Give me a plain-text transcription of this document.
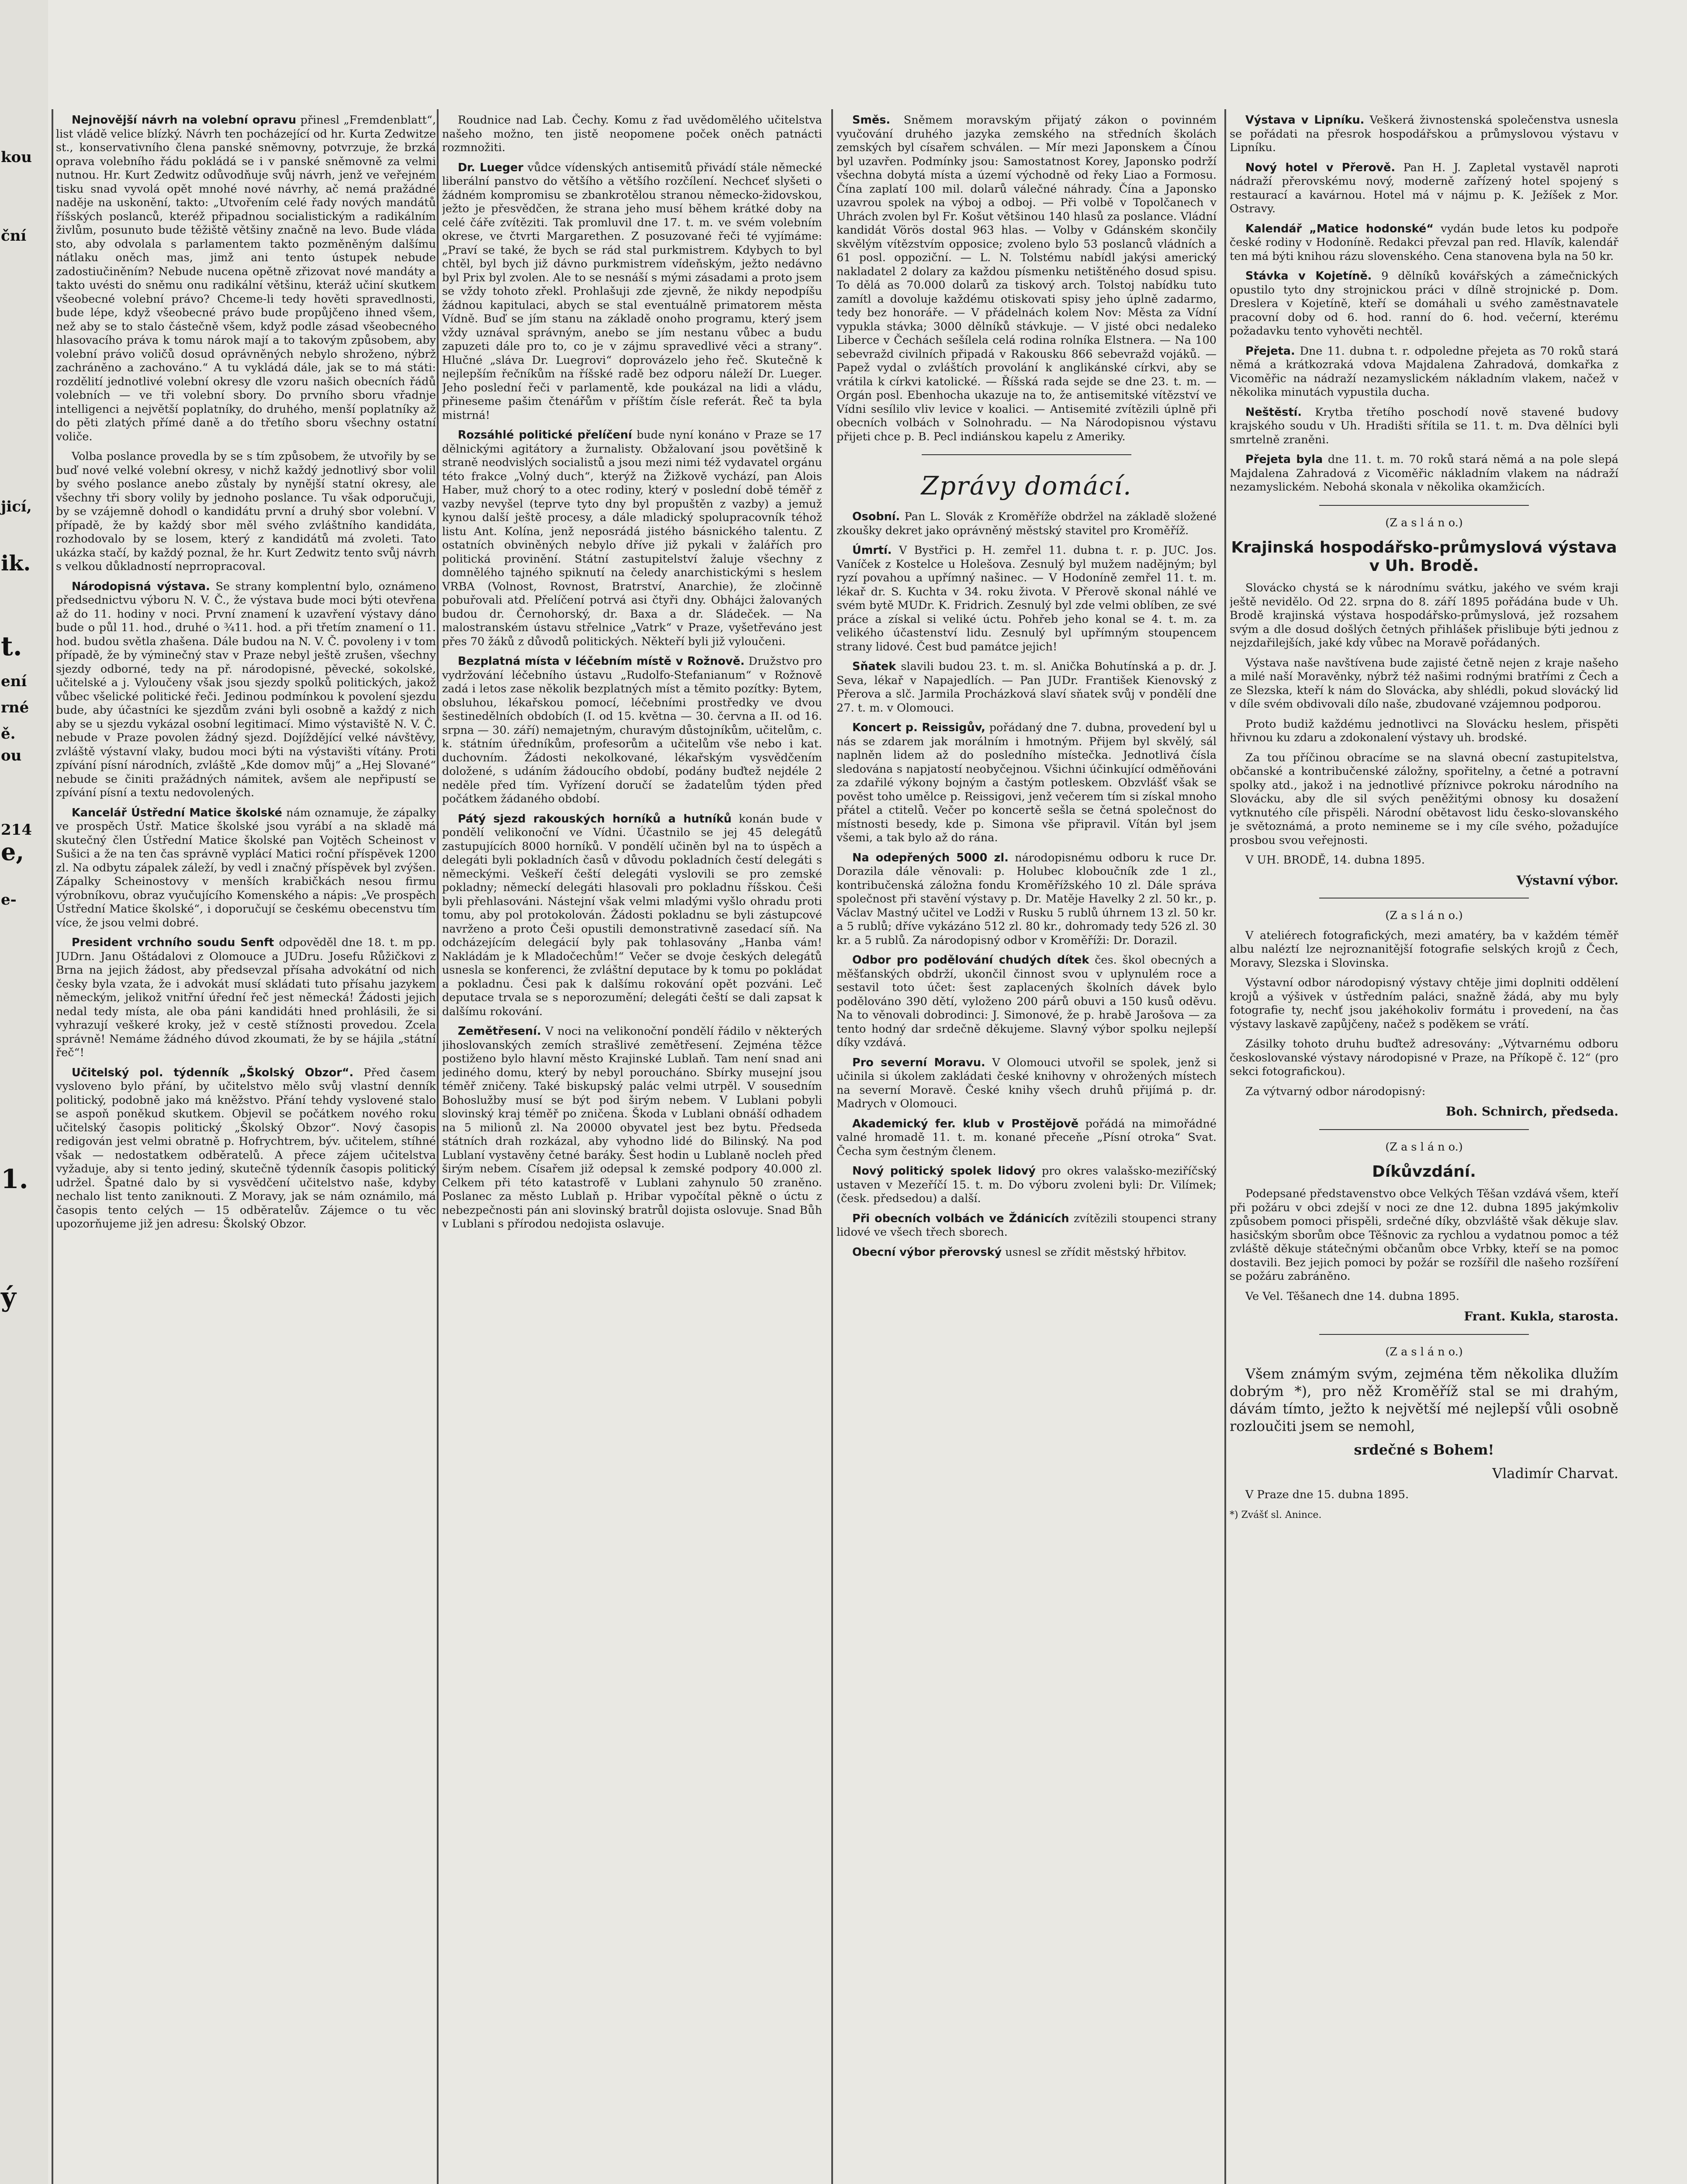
kou
ční
jicí,
ik.
t.
ení
rné
ě.
ou
214
e,
e-
1.
ý

Nejnovější návrh na volební opravu přinesl „Fremdenblatt“, list vládě velice blízký. Návrh ten pocházející od hr. Kurta Zedwitze st., konservativního člena panské sněmovny, potvrzuje, že brzká oprava volebního řádu pokládá se i v panské sněmovně za velmi nutnou. Hr. Kurt Zedwitz odůvodňuje svůj návrh, jenž ve veřejném tisku snad vyvolá opět mnohé nové návrhy, ač nemá pražádné naděje na uskonění, takto: „Utvořením celé řady nových mandátů říšských poslanců, kteréž připadnou socialistickým a radikálním živlům, posunuto bude těžiště většiny značně na levo. Bude vláda sto, aby odvolala s parlamentem takto pozměněným dalšímu nátlaku oněch mas, jimž ani tento ústupek nebude zadostiučiněním? Nebude nucena opětně zřizovat nové mandáty a takto uvésti do sněmu onu radikální většinu, kteráž učiní skutkem všeobecné volební právo? Chceme-li tedy hověti spravedlnosti, bude lépe, když všeobecné právo bude propůjčeno ihned všem, než aby se to stalo částečně všem, když podle zásad všeobecného hlasovacího práva k tomu nárok mají a to takovým způsobem, aby volební právo voličů dosud oprávněných nebylo shroženo, nýbrž zachráněno a zachováno.“ A tu vykládá dále, jak se to má státi: rozdělití jednotlivé volební okresy dle vzoru našich obecních řádů volebních — ve tři volební sbory. Do prvního sboru vřadnje intelligenci a největší poplatníky, do druhého, menší poplatníky až do pěti zlatých přímé daně a do třetího sboru všechny ostatní voliče.

Volba poslance provedla by se s tím způsobem, že utvořily by se buď nové velké volební okresy, v nichž každý jednotlivý sbor volil by svého poslance anebo zůstaly by nynější statní okresy, ale všechny tři sbory volily by jednoho poslance. Tu však odporučuji, by se vzájemně dohodl o kandidátu první a druhý sbor volební. V případě, že by každý sbor měl svého zvláštního kandidáta, rozhodovalo by se losem, který z kandidátů má zvoleti. Tato ukázka stačí, by každý poznal, že hr. Kurt Zedwitz tento svůj návrh s velkou důkladností neprropracoval.

Národopisná výstava. Se strany komplentní bylo, oznámeno předsednictvu výboru N. V. Č., že výstava bude moci býti otevřena až do 11. hodiny v noci. První znamení k uzavření výstavy dáno bude o půl 11. hod., druhé o ¾11. hod. a při třetím znamení o 11. hod. budou světla zhašena. Dále budou na N. V. Č. povoleny i v tom případě, že by výminečný stav v Praze nebyl ještě zrušen, všechny sjezdy odborné, tedy na př. národopisné, pěvecké, sokolské, učitelské a j. Vyloučeny však jsou sjezdy spolků politických, jakož vůbec všelické politické řeči. Jedinou podmínkou k povolení sjezdu bude, aby účastníci ke sjezdům zváni byli osobně a každý z nich aby se u sjezdu vykázal osobní legitimací. Mimo výstaviště N. V. Č. nebude v Praze povolen žádný sjezd. Dojíždějící velké návštěvy, zvláště výstavní vlaky, budou moci býti na výstavišti vítány. Proti zpívání písní národních, zvláště „Kde domov můj“ a „Hej Slované“ nebude se činiti pražádných námitek, avšem ale nepřipustí se zpívání písní a textu nedovolených.

Kancelář Ústřední Matice školské nám oznamuje, že zápalky ve prospěch Ústř. Matice školské jsou vyrábí a na skladě má skutečný člen Ústřední Matice školské pan Vojtěch Scheinost v Sušici a že na ten čas správně vyplácí Matici roční příspěvek 1200 zl. Na odbytu zápalek záleží, by vedl i značný příspěvek byl zvýšen. Zápalky Scheinostovy v menších krabičkách nesou firmu výrobníkovu, obraz vyučujícího Komenského a nápis: „Ve prospěch Ústřední Matice školské“, i doporučují se českému obecenstvu tím více, že jsou velmi dobré.

President vrchního soudu Senft odpověděl dne 18. t. m pp. JUDrn. Janu Oštádalovi z Olomouce a JUDru. Josefu Růžičkovi z Brna na jejich žádost, aby předsevzal přísaha advokátní od nich česky byla vzata, že i advokát musí skládati tuto přísahu jazykem německým, jelikož vnitřní úřední řeč jest německá! Žádosti jejich nedal tedy místa, ale oba páni kandidáti hned prohlásili, že si vyhrazují veškeré kroky, jež v cestě stížnosti provedou. Zcela správně! Nemáme žádného dúvod zkoumati, že by se hájila „státní řeč“!

Učitelský pol. týdenník „Školský Obzor“. Před časem vysloveno bylo přání, by učitelstvo mělo svůj vlastní denník politický, podobně jako má kněžstvo. Přání tehdy vyslovené stalo se aspoň poněkud skutkem. Objevil se počátkem nového roku učitelský časopis politický „Školský Obzor“. Nový časopis redigován jest velmi obratně p. Hofrychtrem, býv. učitelem, stíhné však — nedostatkem odběratelů. A přece zájem učitelstva vyžaduje, aby si tento jediný, skutečně týdenník časopis politický udržel. Špatné dalo by si vysvědčení učitelstvo naše, kdyby nechalo list tento zaniknouti. Z Moravy, jak se nám oznámilo, má časopis tento celých — 15 odběratelův. Zájemce o tu věc upozorňujeme již jen adresu: Školský Obzor.

Roudnice nad Lab. Čechy. Komu z řad uvědomělého učitelstva našeho možno, ten jistě neopomene poček oněch patnácti rozmnožiti.

Dr. Lueger vůdce vídenských antisemitů přivádí stále německé liberální panstvo do většího a většího rozčílení. Nechceť slyšeti o žádném kompromisu se zbankrotělou stranou německo-židovskou, ježto je přesvědčen, že strana jeho musí během krátké doby na celé čáře zvítěziti. Tak promluvil dne 17. t. m. ve svém volebním okrese, ve čtvrti Margarethen. Z posuzované řeči té vyjímáme: „Praví se také, že bych se rád stal purkmistrem. Kdybych to byl chtěl, byl bych již dávno purkmistrem vídeňským, ježto nedávno byl Prix byl zvolen. Ale to se nesnáší s mými zásadami a proto jsem se vždy tohoto zřekl. Prohlašuji zde zjevně, že nikdy nepodpíšu žádnou kapitulaci, abych se stal eventuálně primatorem města Vídně. Buď se jím stanu na základě onoho programu, který jsem vždy uznával správným, anebo se jím nestanu vůbec a budu zapuzeti dále pro to, co je v zájmu spravedlivé věci a strany“. Hlučné „sláva Dr. Luegrovi“ doprovázelo jeho řeč. Skutečně k nejlepším řečníkům na říšské radě bez odporu náleží Dr. Lueger. Jeho poslední řeči v parlamentě, kde poukázal na lidi a vládu, přineseme pašim čtenářům v příštím čísle referát. Řeč ta byla mistrná!

Rozsáhlé politické přelíčení bude nyní konáno v Praze se 17 dělnickými agitátory a žurnalisty. Obžalovaní jsou povětšině k straně neodvislých socialistů a jsou mezi nimi též vydavatel orgánu této frakce „Volný duch“, kterýž na Žižkově vychází, pan Alois Haber, muž chorý to a otec rodiny, který v poslední době téměř z vazby nevyšel (teprve tyto dny byl propuštěn z vazby) a jemuž kynou další ještě procesy, a dále mladický spolupracovník téhož listu Ant. Kolína, jenž neposrádá jistého básnického talentu. Z ostatních obviněných nebylo dříve již pykali v žalářích pro politická provinění. Státní zastupitelství žaluje všechny z domnělého tajného spiknutí na čeledy anarchistickými s heslem VRBA (Volnost, Rovnost, Bratrství, Anarchie), že zločinně pobuřovali atd. Přelíčení potrvá asi čtyři dny. Obhájci žalovaných budou dr. Černohorský, dr. Baxa a dr. Sládeček. — Na malostranském ústavu střelnice „Vatrk“ v Praze, vyšetřeváno jest přes 70 žáků z důvodů politických. Někteří byli již vyloučeni.

Bezplatná místa v léčebním místě v Rožnově. Družstvo pro vydržování léčebního ústavu „Rudolfo-Stefanianum“ v Rožnově zadá i letos zase několik bezplatných míst a těmito pozítky: Bytem, obsluhou, lékařskou pomocí, léčebními prostředky ve dvou šestinedělních obdobích (I. od 15. května — 30. června a II. od 16. srpna — 30. září) nemajetným, churavým důstojníkům, učitelům, c. k. státním úředníkům, profesorům a učitelům vše nebo i kat. duchovním. Žádosti nekolkované, lékařským vysvědčením doložené, s udáním žádoucího období, podány buďtež nejdéle 2 neděle před tím. Vyřízení doručí se žadatelům týden před počátkem žádaného období.

Pátý sjezd rakouských horníků a hutníků konán bude v pondělí velikonoční ve Vídni. Účastnilo se jej 45 delegátů zastupujících 8000 horníků. V pondělí učiněn byl na to úspěch a delegáti byli pokladních časů v důvodu pokladních čestí delegáti s německými. Veškeří čeští delegáti vyslovili se pro zemské pokladny; německí delegáti hlasovali pro pokladnu říšskou. Češi byli přehlasováni. Nástejní však velmi mladými vyšlo ohradu proti tomu, aby pol protokolován. Žádosti pokladnu se byli zástupcové navrženo a proto Češi opustili demonstrativně zasedací síň. Na odcházejícím delegácií byly pak tohlasovány „Hanba vám! Nakládám je k Mladočechům!“ Večer se dvoje českých delegátů usnesla se konferenci, že zvláštní deputace by k tomu po pokládat a pokladnu. Česi pak k dalšímu rokování opět pozváni. Leč deputace trvala se s neporozumění; delegáti čeští se dali zapsat k dalšímu rokování.

Zemětřesení. V noci na velikonoční pondělí řádilo v některých jihoslovanských zemích strašlivé zemětřesení. Zejména těžce postiženo bylo hlavní město Krajinské Lublaň. Tam není snad ani jediného domu, který by nebyl poroucháno. Sbírky musejní jsou téměř zničeny. Také biskupský palác velmi utrpěl. V sousedním Bohoslužby musí se být pod širým nebem. V Lublani pobyli slovinský kraj téměř po zničena. Škoda v Lublani obnáší odhadem na 5 milionů zl. Na 20000 obyvatel jest bez bytu. Předseda státních drah rozkázal, aby vyhodno lidé do Bilinský. Na pod Lublaní vystavěny četné baráky. Šest hodin u Lublaně nocleh před širým nebem. Císařem již odepsal k zemské podpory 40.000 zl. Celkem při této katastrofě v Lublani zahynulo 50 zraněno. Poslanec za město Lublaň p. Hribar vypočítal pěkně o úctu z nebezpečnosti pán ani slovinský bratrůl dojista oslovuje. Snad Bůh v Lublani s přírodou nedojista oslavuje.

Směs. Sněmem moravským přijatý zákon o povinném vyučování druhého jazyka zemského na středních školách zemských byl císařem schválen. — Mír mezi Japonskem a Čínou byl uzavřen. Podmínky jsou: Samostatnost Korey, Japonsko podrží všechna dobytá místa a území východně od řeky Liao a Formosu. Čína zaplatí 100 mil. dolarů válečné náhrady. Čína a Japonsko uzavrou spolek na výboj a odboj. — Při volbě v Topolčanech v Uhrách zvolen byl Fr. Košut většinou 140 hlasů za poslance. Vládní kandidát Vörös dostal 963 hlas. — Volby v Gdánském skončily skvělým vítězstvím opposice; zvoleno bylo 53 poslanců vládních a 61 posl. oppoziční. — L. N. Tolstému nabídl jakýsi americký nakladatel 2 dolary za každou písmenku netištěného dosud spisu. To dělá as 70.000 dolarů za tiskový arch. Tolstoj nabídku tuto zamítl a dovoluje každému otiskovati spisy jeho úplně zadarmo, tedy bez honoráře. — V přádelnách kolem Nov: Města za Vídní vypukla stávka; 3000 dělníků stávkuje. — V jisté obci nedaleko Liberce v Čechách sešílela celá rodina rolníka Elstnera. — Na 100 sebevražd civilních připadá v Rakousku 866 sebevražd vojáků. — Papež vydal o zvláštích provolání k anglikánské církvi, aby se vrátila k církvi katolické. — Říšská rada sejde se dne 23. t. m. — Orgán posl. Ebenhocha ukazuje na to, že antisemitské vítězství ve Vídni sesílilo vliv levice v koalici. — Antisemité zvítězili úplně při obecních volbách v Solnohradu. — Na Národopisnou výstavu přijeti chce p. B. Pecl indiánskou kapelu z Ameriky.

Zprávy domácí.

Osobní. Pan L. Slovák z Kroměříže obdržel na základě složené zkoušky dekret jako oprávněný městský stavitel pro Kroměříž.

Úmrtí. V Bystřici p. H. zemřel 11. dubna t. r. p. JUC. Jos. Vaníček z Kostelce u Holešova. Zesnulý byl mužem nadějným; byl ryzí povahou a upřímný našinec. — V Hodoníně zemřel 11. t. m. lékař dr. S. Kuchta v 34. roku života. V Přerově skonal náhlé ve svém bytě MUDr. K. Fridrich. Zesnulý byl zde velmi oblíben, ze své práce a získal si veliké úctu. Pohřeb jeho konal se 4. t. m. za velikého účastenství lidu. Zesnulý byl upřímným stoupencem strany lidové. Čest bud památce jejich!

Sňatek slavili budou 23. t. m. sl. Anička Bohutínská a p. dr. J. Seva, lékař v Napajedlích. — Pan JUDr. František Kienovský z Přerova a slč. Jarmila Procházková slaví sňatek svůj v pondělí dne 27. t. m. v Olomouci.

Koncert p. Reissigův, pořádaný dne 7. dubna, provedení byl u nás se zdarem jak morálním i hmotným. Přijem byl skvělý, sál naplněn lidem až do posledního místečka. Jednotlivá čísla sledována s napjatostí neobyčejnou. Všichni účinkující odměňováni za zdařilé výkony bojným a častým potleskem. Obzvlášť však se pověst toho umělce p. Reissigovi, jenž večerem tím si získal mnoho přátel a ctitelů. Večer po koncertě sešla se četná společnost do místnosti besedy, kde p. Simona vše připravil. Vítán byl jsem všemi, a tak bylo až do rána.

Na odepřených 5000 zl. národopisnému odboru k ruce Dr. Dorazila dále věnovali: p. Holubec kloboučník zde 1 zl., kontribučenská záložna fondu Kroměřížského 10 zl. Dále správa společnost při stavění výstavy p. Dr. Matěje Havelky 2 zl. 50 kr., p. Václav Mastný učitel ve Lodži v Rusku 5 rublů úhrnem 13 zl. 50 kr. a 5 rublů; dříve vykázáno 512 zl. 80 kr., dohromady tedy 526 zl. 30 kr. a 5 rublů. Za národopisný odbor v Kroměříži: Dr. Dorazil.

Odbor pro podělování chudých dítek čes. škol obecných a měšťanských obdrží, ukončil činnost svou v uplynulém roce a sestavil toto účet: šest zaplacených školních dávek bylo podělováno 390 dětí, vyloženo 200 párů obuvi a 150 kusů oděvu. Na to věnovali dobrodinci: J. Simonové, že p. hrabě Jarošova — za tento hodný dar srdečně děkujeme. Slavný výbor spolku nejlepší díky vzdává.

Pro severní Moravu. V Olomouci utvořil se spolek, jenž si učinila si úkolem zakládati české knihovny v ohrožených místech na severní Moravě. České knihy všech druhů přijímá p. dr. Madrych v Olomouci.

Akademický fer. klub v Prostějově pořádá na mimořádné valné hromadě 11. t. m. konané přeceňe „Písní otroka“ Svat. Čecha sym čestným členem.

Nový politický spolek lidový pro okres valašsko-meziříčský ustaven v Mezeříčí 15. t. m. Do výboru zvoleni byli: Dr. Vilímek; (česk. předsedou) a další.

Při obecních volbách ve Ždánicích zvítězili stoupenci strany lidové ve všech třech sborech.

Obecní výbor přerovský usnesl se zřídit městský hřbitov.

Výstava v Lipníku. Veškerá živnostenská společenstva usnesla se pořádati na přesrok hospodářskou a průmyslovou výstavu v Lipníku.

Nový hotel v Přerově. Pan H. J. Zapletal vystavěl naproti nádraží přerovskému nový, moderně zařízený hotel spojený s restaurací a kavárnou. Hotel má v nájmu p. K. Ježíšek z Mor. Ostravy.

Kalendář „Matice hodonské“ vydán bude letos ku podpoře české rodiny v Hodoníně. Redakci převzal pan red. Hlavík, kalendář ten má býti knihou rázu slovenského. Cena stanovena byla na 50 kr.

Stávka v Kojetíně. 9 dělníků kovářských a zámečnických opustilo tyto dny strojnickou práci v dílně strojnické p. Dom. Dreslera v Kojetíně, kteří se domáhali u svého zaměstnavatele pracovní doby od 6. hod. ranní do 6. hod. večerní, kterému požadavku tento vyhověti nechtěl.

Přejeta. Dne 11. dubna t. r. odpoledne přejeta as 70 roků stará němá a krátkozraká vdova Majdalena Zahradová, domkařka z Vicoměřic na nádraží nezamyslickém nákladním vlakem, načež v několika minutách vypustila ducha.

Neštěstí. Krytba třetího poschodí nově stavené budovy krajského soudu v Uh. Hradišti sřítila se 11. t. m. Dva dělníci byli smrtelně zraněni.

Přejeta byla dne 11. t. m. 70 roků stará němá a na pole slepá Majdalena Zahradová z Vicoměřic nákladním vlakem na nádraží nezamyslickém. Nebohá skonala v několika okamžicích.

(Z a s l á n o.)

Krajinská hospodářsko-průmyslová výstava v Uh. Brodě.

Slovácko chystá se k národnímu svátku, jakého ve svém kraji ještě nevidělo. Od 22. srpna do 8. září 1895 pořádána bude v Uh. Brodě krajinská výstava hospodářsko-průmyslová, jež rozsahem svým a dle dosud došlých četných přihlášek přislibuje býti jednou z nejzdařilejších, jaké kdy vůbec na Moravě pořádaných.

Výstava naše navštívena bude zajisté četně nejen z kraje našeho a milé naší Moravěnky, nýbrž též našimi rodnými bratřími z Čech a ze Slezska, kteří k nám do Slovácka, aby shlédli, pokud slovácký lid v díle svém obdivovali dílo naše, zbudované vzájemnou podporou.

Proto budiž každému jednotlivci na Slovácku heslem, přispěti hřivnou ku zdaru a zdokonalení výstavy uh. brodské.

Za tou příčinou obracíme se na slavná obecní zastupitelstva, občanské a kontribučenské záložny, spořitelny, a četné a potravní spolky atd., jakož i na jednotlivé příznivce pokroku národního na Slovácku, aby dle sil svých peněžitými obnosy ku dosažení vytknutého cíle přispěli. Národní obětavost lidu česko-slovanského je světoznámá, a proto nemineme se i my cíle svého, požadujíce prosbou svou veřejnosti.

V UH. BRODĚ, 14. dubna 1895.

Výstavní výbor.

(Z a s l á n o.)

V ateliérech fotografických, mezi amatéry, ba v každém téměř albu naléztí lze nejroznanitější fotografie selských krojů z Čech, Moravy, Slezska i Slovinska.

Výstavní odbor národopisný výstavy chtěje jimi doplniti oddělení krojů a výšivek v ústředním paláci, snažně žádá, aby mu byly fotografie ty, nechť jsou jakéhokoliv formátu i provedení, na čas výstavy laskavě zapůjčeny, načež s poděkem se vrátí.

Zásilky tohoto druhu buďtež adresovány: „Výtvarnému odboru českoslovanské výstavy národopisné v Praze, na Příkopě č. 12“ (pro sekci fotografickou).

Za výtvarný odbor národopisný:

Boh. Schnirch, předseda.

(Z a s l á n o.)

Díkůvzdání.

Podepsané představenstvo obce Velkých Těšan vzdává všem, kteří při požáru v obci zdejší v noci ze dne 12. dubna 1895 jakýmkoliv způsobem pomoci přispěli, srdečné díky, obzvláště však děkuje slav. hasičským sborům obce Těšnovic za rychlou a vydatnou pomoc a též zvláště děkuje státečnými občanům obce Vrbky, kteří se na pomoc dostavili. Bez jejich pomoci by požár se rozšířil dle našeho rozšíření se požáru zabráněno.

Ve Vel. Těšanech dne 14. dubna 1895.

Frant. Kukla, starosta.

(Z a s l á n o.)

Všem známým svým, zejména těm několika dlužím dobrým *), pro něž Kroměříž stal se mi drahým, dávám tímto, ježto k největší mé nejlepší vůli osobně rozloučiti jsem se nemohl,

srdečné s Bohem!

Vladimír Charvat.

V Praze dne 15. dubna 1895.

*) Zvášť sl. Anince.
